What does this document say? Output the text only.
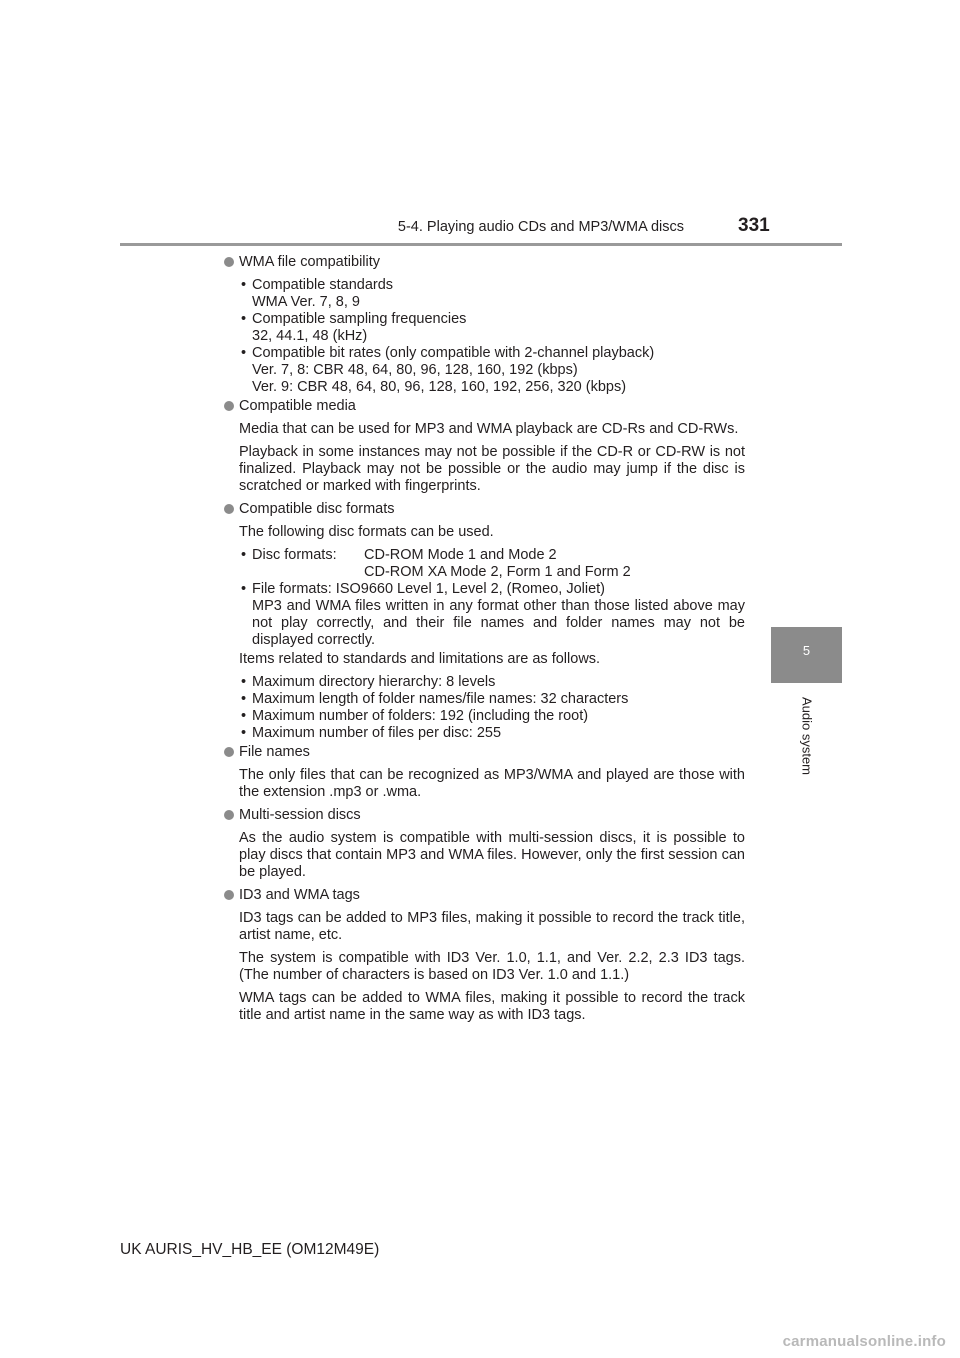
5-4. Playing audio CDs and MP3/WMA discs	331
5
Audio system
WMA file compatibility
• Compatible standards
WMA Ver. 7, 8, 9
• Compatible sampling frequencies
32, 44.1, 48 (kHz)
• Compatible bit rates (only compatible with 2-channel playback)
Ver. 7, 8: CBR 48, 64, 80, 96, 128, 160, 192 (kbps)
Ver. 9: CBR 48, 64, 80, 96, 128, 160, 192, 256, 320 (kbps)
Compatible media

Media that can be used for MP3 and WMA playback are CD-Rs and CD-RWs.

Playback in some instances may not be possible if the CD-R or CD-RW is not finalized. Playback may not be possible or the audio may jump if the disc is scratched or marked with fingerprints.

Compatible disc formats

The following disc formats can be used.

• Disc formats:	CD-ROM Mode 1 and Mode 2
CD-ROM XA Mode 2, Form 1 and Form 2
• File formats: ISO9660 Level 1, Level 2, (Romeo, Joliet)
MP3 and WMA files written in any format other than those listed above may not play correctly, and their file names and folder names may not be displayed correctly.

Items related to standards and limitations are as follows.

• Maximum directory hierarchy: 8 levels
• Maximum length of folder names/file names: 32 characters
• Maximum number of folders: 192 (including the root)
• Maximum number of files per disc: 255
File names

The only files that can be recognized as MP3/WMA and played are those with the extension .mp3 or .wma.

Multi-session discs

As the audio system is compatible with multi-session discs, it is possible to play discs that contain MP3 and WMA files. However, only the first session can be played.

ID3 and WMA tags

ID3 tags can be added to MP3 files, making it possible to record the track title, artist name, etc.

The system is compatible with ID3 Ver. 1.0, 1.1, and Ver. 2.2, 2.3 ID3 tags. (The number of characters is based on ID3 Ver. 1.0 and 1.1.)

WMA tags can be added to WMA files, making it possible to record the track title and artist name in the same way as with ID3 tags.

UK AURIS_HV_HB_EE (OM12M49E)
carmanualsonline.info
